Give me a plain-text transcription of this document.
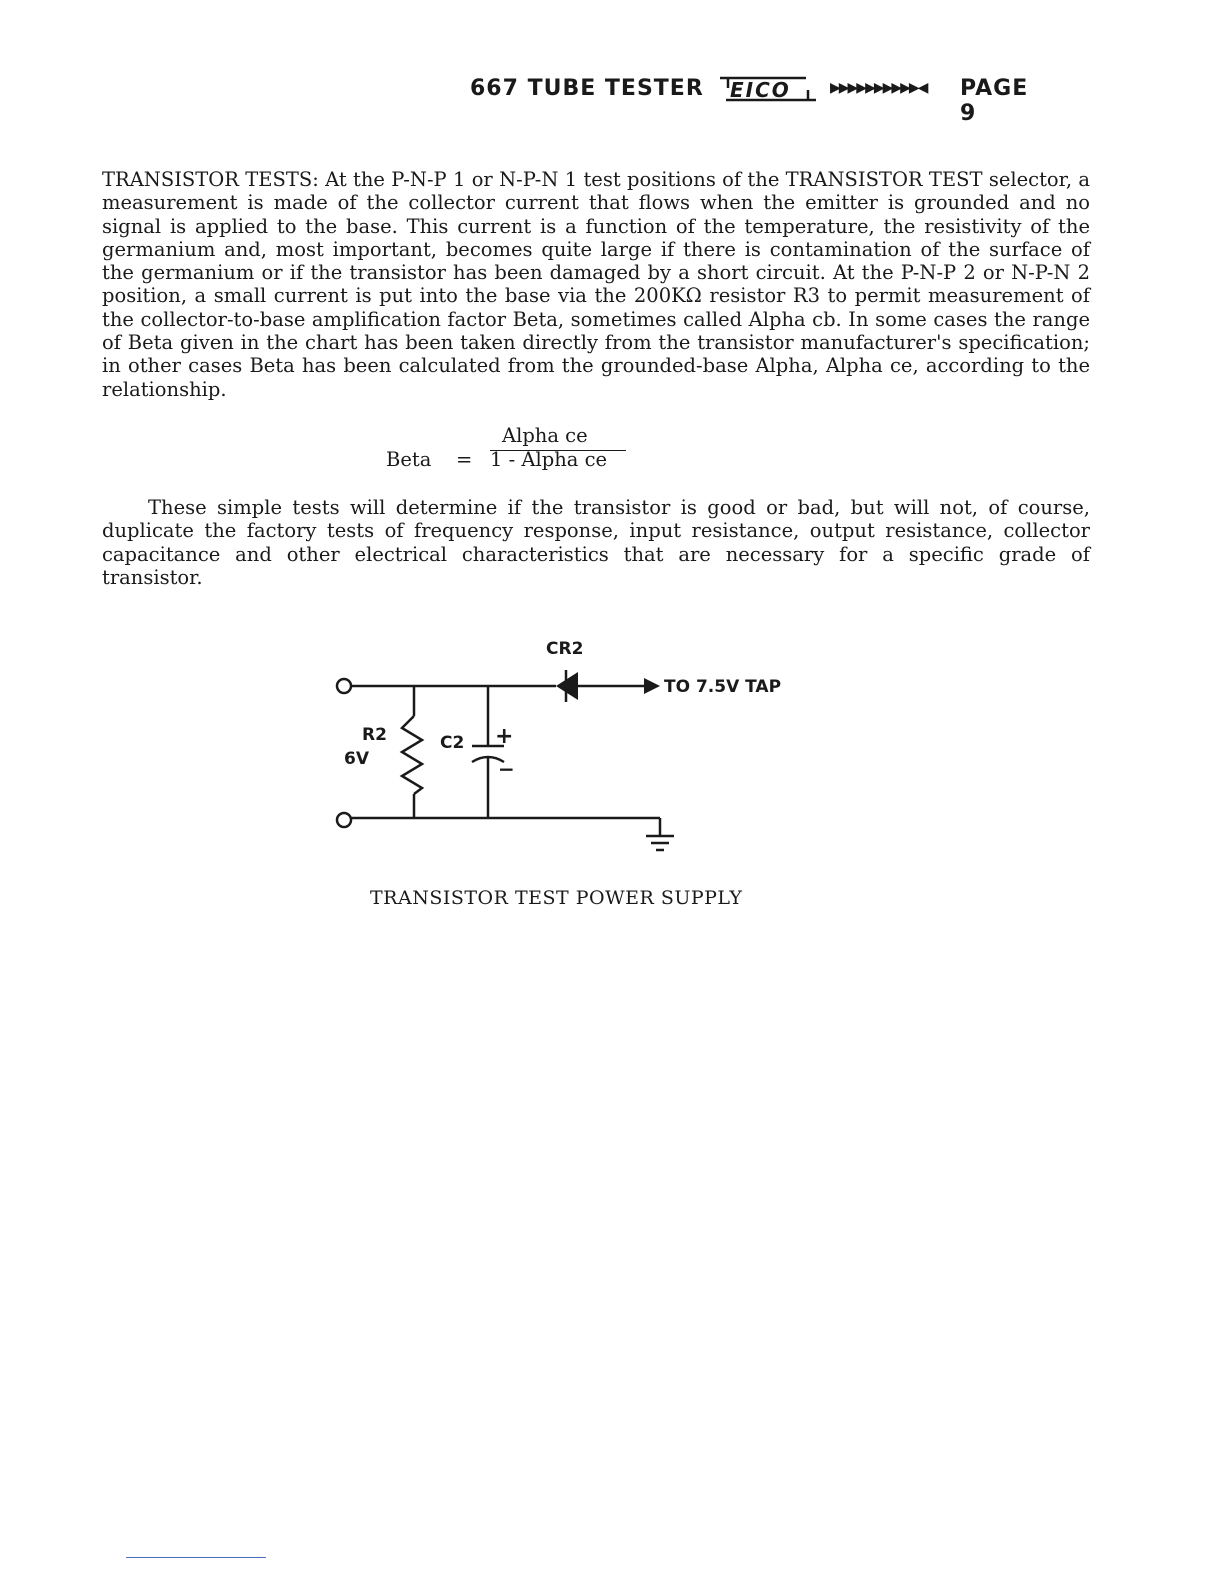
667 TUBE TESTER EICO	▶▶▶▶▶▶▶▶▶▶◀ PAGE 9

TRANSISTOR TESTS: At the P-N-P 1 or N-P-N 1 test positions of the TRANSISTOR TEST selector, a measurement is made of the collector current that flows when the emitter is grounded and no signal is applied to the base. This current is a function of the temperature, the resistivity of the germanium and, most important, becomes quite large if there is contamination of the surface of the germanium or if the transistor has been damaged by a short circuit. At the P-N-P 2 or N-P-N 2 position, a small current is put into the base via the 200KΩ resistor R3 to permit measurement of the collector-to-base amplification factor Beta, sometimes called Alpha cb. In some cases the range of Beta given in the chart has been taken directly from the transistor manufacturer's specification; in other cases Beta has been calculated from the grounded-base Alpha, Alpha ce, according to the relationship.

Beta =
Alpha ce
1 - Alpha ce

These simple tests will determine if the transistor is good or bad, but will not, of course, duplicate the factory tests of frequency response, input resistance, output resistance, collector capacitance and other electrical characteristics that are necessary for a specific grade of transistor.

CR2
TO 7.5V TAP
R2
6V
C2 +
−
TRANSISTOR TEST POWER SUPPLY
